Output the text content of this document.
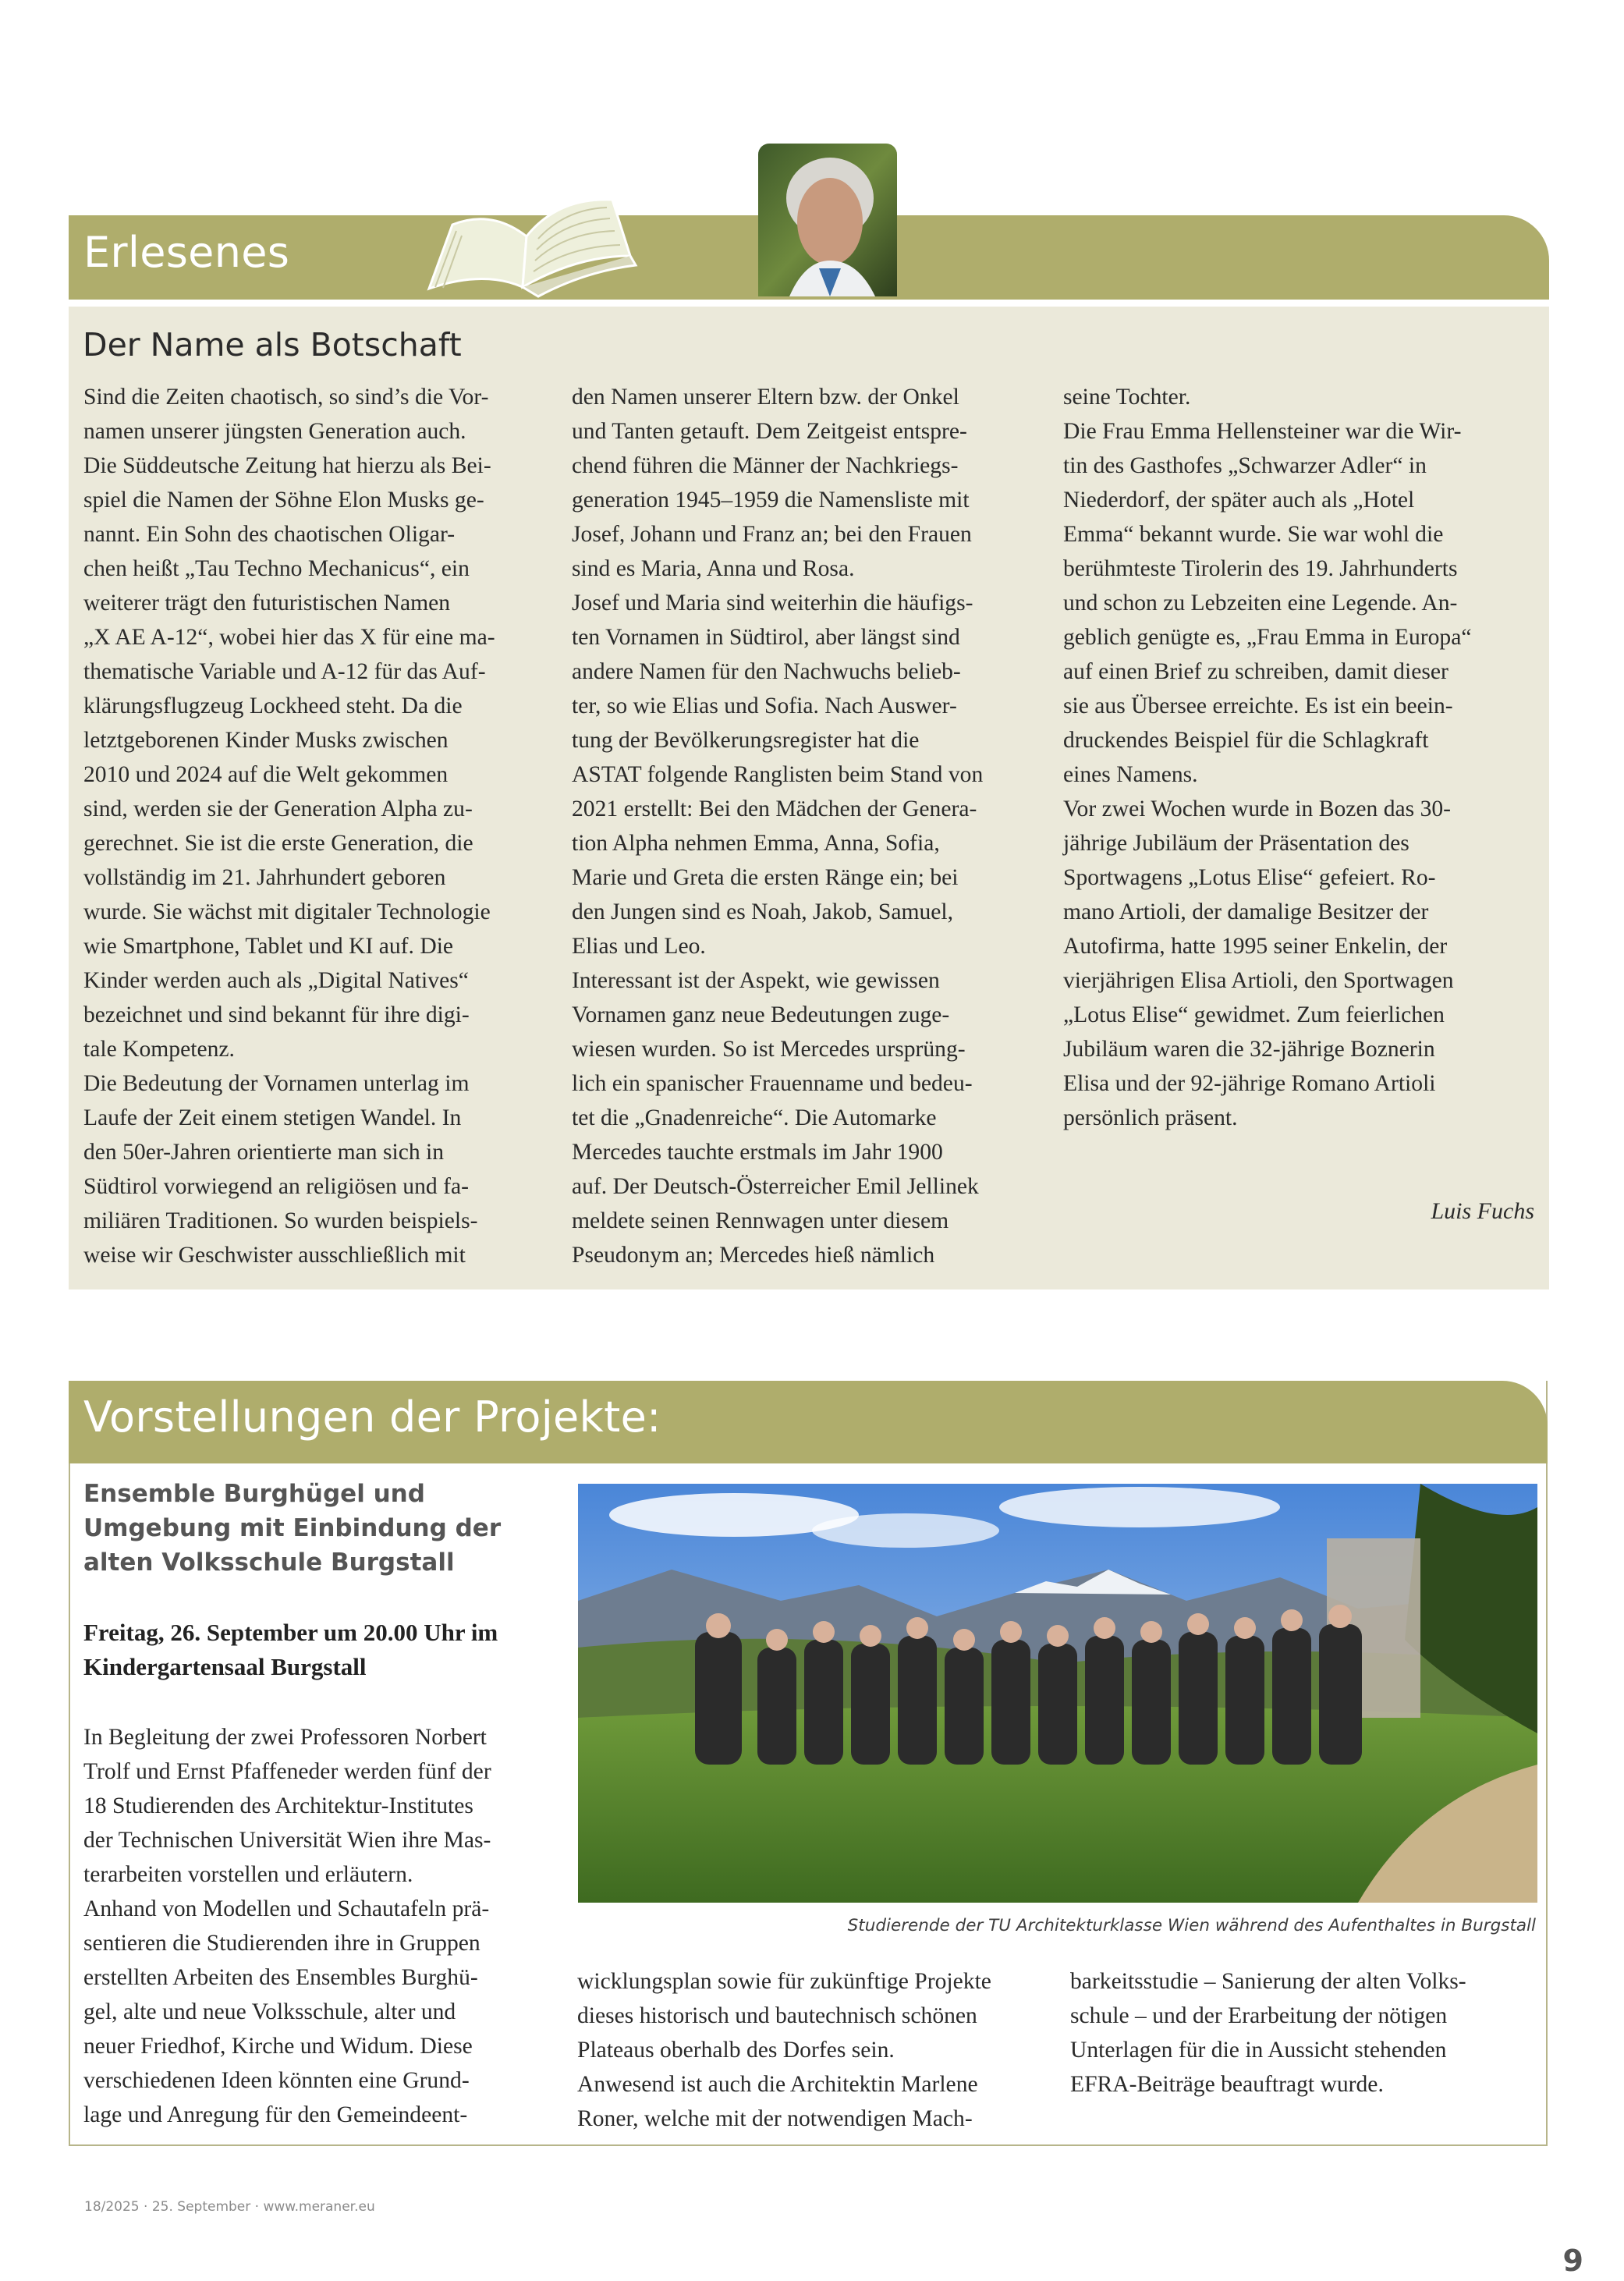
Erlesenes
Der Name als Botschaft
Sind die Zeiten chaotisch, so sind’s die Vor-
namen unserer jüngsten Generation auch.
Die Süddeutsche Zeitung hat hierzu als Bei-
spiel die Namen der Söhne Elon Musks ge-
nannt. Ein Sohn des chaotischen Oligar-
chen heißt „Tau Techno Mechanicus“, ein
weiterer trägt den futuristischen Namen
„X AE A-12“, wobei hier das X für eine ma-
thematische Variable und A-12 für das Auf-
klärungsflugzeug Lockheed steht. Da die
letztgeborenen Kinder Musks zwischen
2010 und 2024 auf die Welt gekommen
sind, werden sie der Generation Alpha zu-
gerechnet. Sie ist die erste Generation, die
vollständig im 21. Jahrhundert geboren
wurde. Sie wächst mit digitaler Technologie
wie Smartphone, Tablet und KI auf. Die
Kinder werden auch als „Digital Natives“
bezeichnet und sind bekannt für ihre digi-
tale Kompetenz.
Die Bedeutung der Vornamen unterlag im
Laufe der Zeit einem stetigen Wandel. In
den 50er-Jahren orientierte man sich in
Südtirol vorwiegend an religiösen und fa-
miliären Traditionen. So wurden beispiels-
weise wir Geschwister ausschließlich mit
den Namen unserer Eltern bzw. der Onkel
und Tanten getauft. Dem Zeitgeist entspre-
chend führen die Männer der Nachkriegs-
generation 1945–1959 die Namensliste mit
Josef, Johann und Franz an; bei den Frauen
sind es Maria, Anna und Rosa.
Josef und Maria sind weiterhin die häufigs-
ten Vornamen in Südtirol, aber längst sind
andere Namen für den Nachwuchs belieb-
ter, so wie Elias und Sofia. Nach Auswer-
tung der Bevölkerungsregister hat die
ASTAT folgende Ranglisten beim Stand von
2021 erstellt: Bei den Mädchen der Genera-
tion Alpha nehmen Emma, Anna, Sofia,
Marie und Greta die ersten Ränge ein; bei
den Jungen sind es Noah, Jakob, Samuel,
Elias und Leo.
Interessant ist der Aspekt, wie gewissen
Vornamen ganz neue Bedeutungen zuge-
wiesen wurden. So ist Mercedes ursprüng-
lich ein spanischer Frauenname und bedeu-
tet die „Gnadenreiche“. Die Automarke
Mercedes tauchte erstmals im Jahr 1900
auf. Der Deutsch-Österreicher Emil Jellinek
meldete seinen Rennwagen unter diesem
Pseudonym an; Mercedes hieß nämlich
seine Tochter.
Die Frau Emma Hellensteiner war die Wir-
tin des Gasthofes „Schwarzer Adler“ in
Niederdorf, der später auch als „Hotel
Emma“ bekannt wurde. Sie war wohl die
berühmteste Tirolerin des 19. Jahrhunderts
und schon zu Lebzeiten eine Legende. An-
geblich genügte es, „Frau Emma in Europa“
auf einen Brief zu schreiben, damit dieser
sie aus Übersee erreichte. Es ist ein beein-
druckendes Beispiel für die Schlagkraft
eines Namens.
Vor zwei Wochen wurde in Bozen das 30-
jährige Jubiläum der Präsentation des
Sportwagens „Lotus Elise“ gefeiert. Ro-
mano Artioli, der damalige Besitzer der
Autofirma, hatte 1995 seiner Enkelin, der
vierjährigen Elisa Artioli, den Sportwagen
„Lotus Elise“ gewidmet. Zum feierlichen
Jubiläum waren die 32-jährige Boznerin
Elisa und der 92-jährige Romano Artioli
persönlich präsent.
Luis Fuchs
Vorstellungen der Projekte:
Ensemble Burghügel und Umgebung mit Einbindung der alten Volksschule Burgstall
Freitag, 26. September um 20.00 Uhr im
Kindergartensaal Burgstall
In Begleitung der zwei Professoren Norbert
Trolf und Ernst Pfaffeneder werden fünf der
18 Studierenden des Architektur-Institutes
der Technischen Universität Wien ihre Mas-
terarbeiten vorstellen und erläutern.
Anhand von Modellen und Schautafeln prä-
sentieren die Studierenden ihre in Gruppen
erstellten Arbeiten des Ensembles Burghü-
gel, alte und neue Volksschule, alter und
neuer Friedhof, Kirche und Widum. Diese
verschiedenen Ideen könnten eine Grund-
lage und Anregung für den Gemeindeent-
Studierende der TU Architekturklasse Wien während des Aufenthaltes in Burgstall
wicklungsplan sowie für zukünftige Projekte
dieses historisch und bautechnisch schönen
Plateaus oberhalb des Dorfes sein.
Anwesend ist auch die Architektin Marlene
Roner, welche mit der notwendigen Mach-
barkeitsstudie – Sanierung der alten Volks-
schule – und der Erarbeitung der nötigen
Unterlagen für die in Aussicht stehenden
EFRA-Beiträge beauftragt wurde.
18/2025 · 25. September · www.meraner.eu
9
